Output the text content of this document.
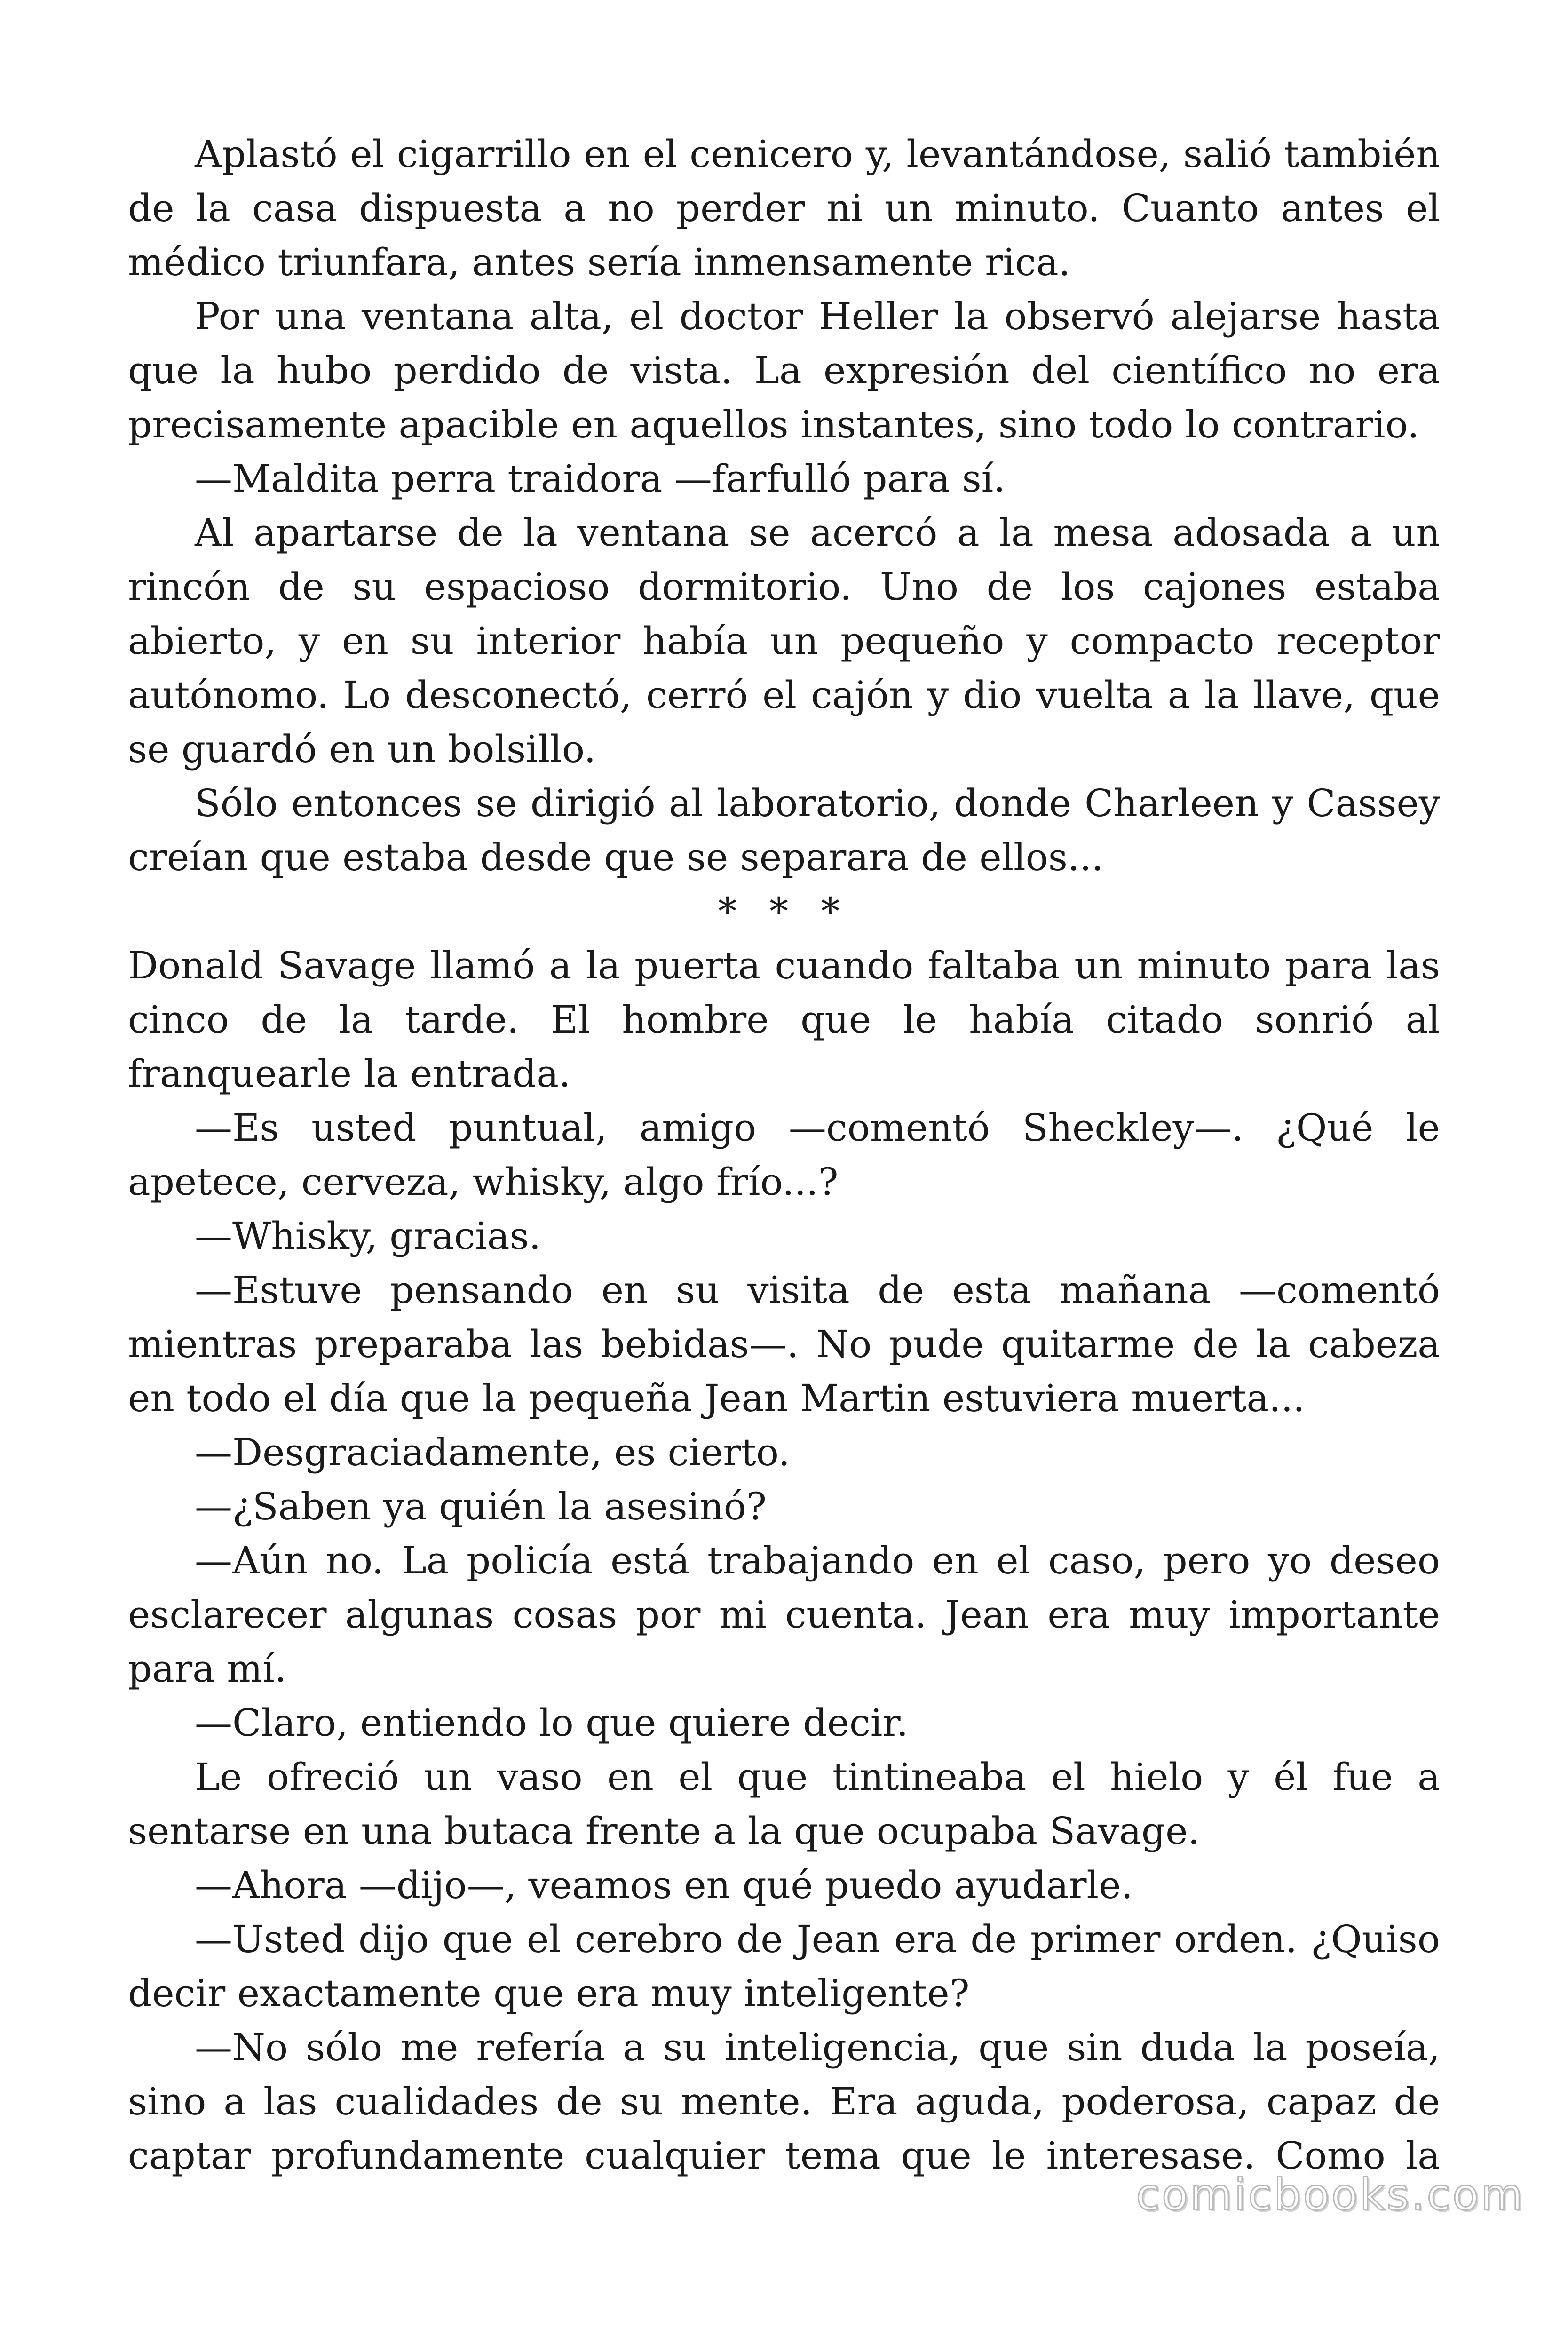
Aplastó el cigarrillo en el cenicero y, levantándose, salió también de la casa dispuesta a no perder ni un minuto. Cuanto antes el médico triunfara, antes sería inmensamente rica.

Por una ventana alta, el doctor Heller la observó alejarse hasta que la hubo perdido de vista. La expresión del científico no era precisamente apacible en aquellos instantes, sino todo lo contrario.

—Maldita perra traidora —farfulló para sí.

Al apartarse de la ventana se acercó a la mesa adosada a un rincón de su espacioso dormitorio. Uno de los cajones estaba abierto, y en su interior había un pequeño y compacto receptor autónomo. Lo desconectó, cerró el cajón y dio vuelta a la llave, que se guardó en un bolsillo.

Sólo entonces se dirigió al laboratorio, donde Charleen y Cassey creían que estaba desde que se separara de ellos...

* * *

Donald Savage llamó a la puerta cuando faltaba un minuto para las cinco de la tarde. El hombre que le había citado sonrió al franquearle la entrada.

—Es usted puntual, amigo —comentó Sheckley—. ¿Qué le apetece, cerveza, whisky, algo frío...?

—Whisky, gracias.

—Estuve pensando en su visita de esta mañana —comentó mientras preparaba las bebidas—. No pude quitarme de la cabeza en todo el día que la pequeña Jean Martin estuviera muerta...

—Desgraciadamente, es cierto.

—¿Saben ya quién la asesinó?

—Aún no. La policía está trabajando en el caso, pero yo deseo esclarecer algunas cosas por mi cuenta. Jean era muy importante para mí.

—Claro, entiendo lo que quiere decir.

Le ofreció un vaso en el que tintineaba el hielo y él fue a sentarse en una butaca frente a la que ocupaba Savage.

—Ahora —dijo—, veamos en qué puedo ayudarle.

—Usted dijo que el cerebro de Jean era de primer orden. ¿Quiso decir exactamente que era muy inteligente?

—No sólo me refería a su inteligencia, que sin duda la poseía, sino a las cualidades de su mente. Era aguda, poderosa, capaz de captar profundamente cualquier tema que le interesase. Como la

comicbooks.com
